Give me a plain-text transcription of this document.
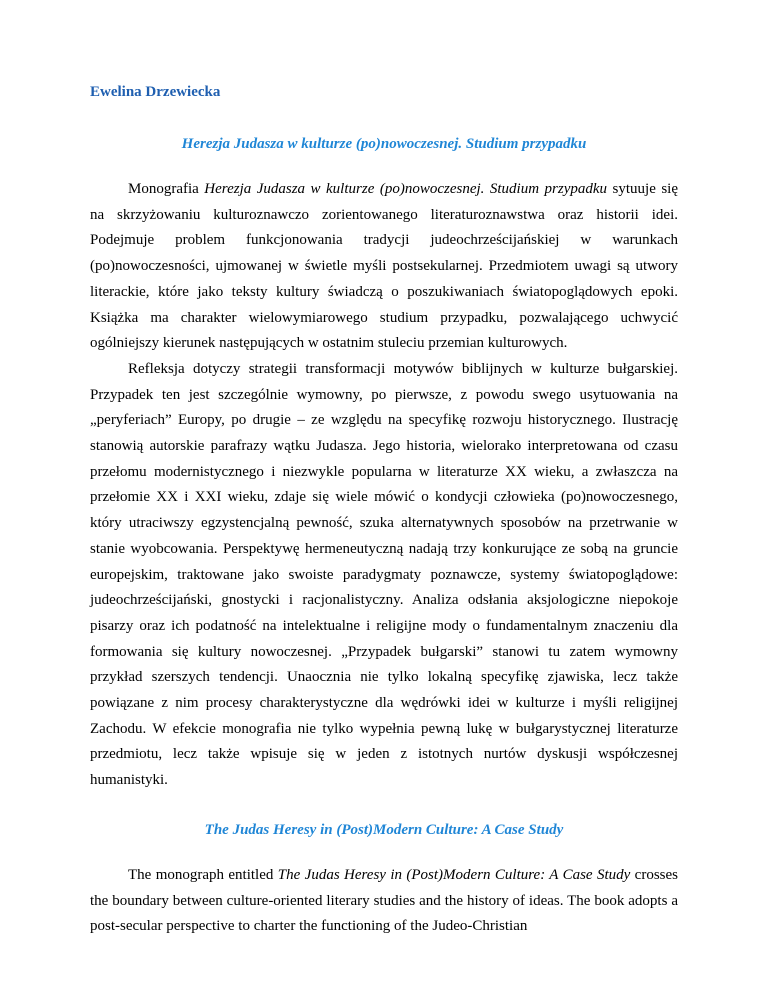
Ewelina Drzewiecka
Herezja Judasza w kulturze (po)nowoczesnej. Studium przypadku

Monografia Herezja Judasza w kulturze (po)nowoczesnej. Studium przypadku sytuuje się na skrzyżowaniu kulturoznawczo zorientowanego literaturoznawstwa oraz historii idei. Podejmuje problem funkcjonowania tradycji judeochrześcijańskiej w warunkach (po)nowoczesności, ujmowanej w świetle myśli postsekularnej. Przedmiotem uwagi są utwory literackie, które jako teksty kultury świadczą o poszukiwaniach światopoglądowych epoki. Książka ma charakter wielowymiarowego studium przypadku, pozwalającego uchwycić ogólniejszy kierunek następujących w ostatnim stuleciu przemian kulturowych.

Refleksja dotyczy strategii transformacji motywów biblijnych w kulturze bułgarskiej. Przypadek ten jest szczególnie wymowny, po pierwsze, z powodu swego usytuowania na „peryferiach” Europy, po drugie – ze względu na specyfikę rozwoju historycznego. Ilustrację stanowią autorskie parafrazy wątku Judasza. Jego historia, wielorako interpretowana od czasu przełomu modernistycznego i niezwykle popularna w literaturze XX wieku, a zwłaszcza na przełomie XX i XXI wieku, zdaje się wiele mówić o kondycji człowieka (po)nowoczesnego, który utraciwszy egzystencjalną pewność, szuka alternatywnych sposobów na przetrwanie w stanie wyobcowania. Perspektywę hermeneutyczną nadają trzy konkurujące ze sobą na gruncie europejskim, traktowane jako swoiste paradygmaty poznawcze, systemy światopoglądowe: judeochrześcijański, gnostycki i racjonalistyczny. Analiza odsłania aksjologiczne niepokoje pisarzy oraz ich podatność na intelektualne i religijne mody o fundamentalnym znaczeniu dla formowania się kultury nowoczesnej. „Przypadek bułgarski” stanowi tu zatem wymowny przykład szerszych tendencji. Unaocznia nie tylko lokalną specyfikę zjawiska, lecz także powiązane z nim procesy charakterystyczne dla wędrówki idei w kulturze i myśli religijnej Zachodu. W efekcie monografia nie tylko wypełnia pewną lukę w bułgarystycznej literaturze przedmiotu, lecz także wpisuje się w jeden z istotnych nurtów dyskusji współczesnej humanistyki.

The Judas Heresy in (Post)Modern Culture: A Case Study

The monograph entitled The Judas Heresy in (Post)Modern Culture: A Case Study crosses the boundary between culture-oriented literary studies and the history of ideas. The book adopts a post-secular perspective to charter the functioning of the Judeo-Christian
